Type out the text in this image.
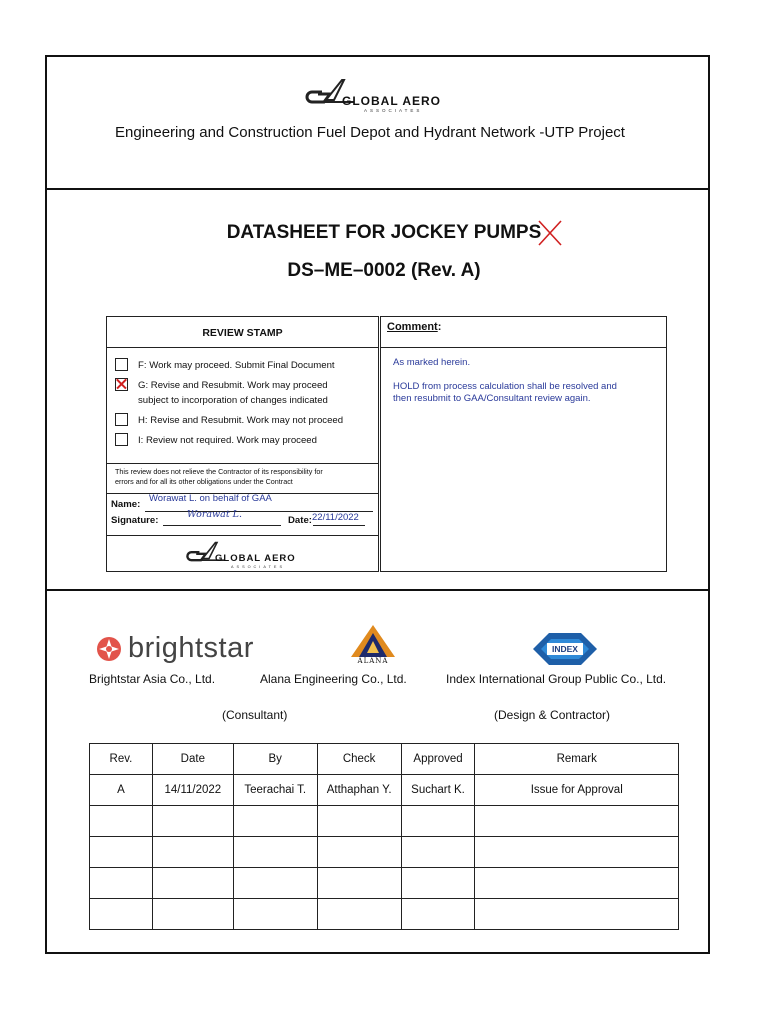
GLOBAL AERO
ASSOCIATES
Engineering and Construction Fuel Depot and Hydrant Network -UTP Project
DATASHEET FOR JOCKEY PUMPS
DS–ME–0002 (Rev. A)
REVIEW STAMP
F: Work may proceed. Submit Final Document
G: Revise and Resubmit. Work may proceed
subject to incorporation of changes indicated
H: Revise and Resubmit. Work may not proceed
I: Review not required. Work may proceed
This review does not relieve the Contractor of its responsibility for
errors and for all its other obligations under the Contract
Name:
Worawat L. on behalf of GAA
Signature:
Worawat L.
Date: 22/11/2022
GLOBAL AERO
ASSOCIATES
Comment:
As marked herein.
HOLD from process calculation shall be resolved and
then resubmit to GAA/Consultant review again.
brightstar	ALANA
INDEX
Brightstar Asia Co., Ltd.	Alana Engineering Co., Ltd.	Index International Group Public Co., Ltd.
(Consultant)	(Design & Contractor)
Rev.	Date	By	Check	Approved	Remark
A	14/11/2022	Teerachai T.	Atthaphan Y.	Suchart K.	Issue for Approval
